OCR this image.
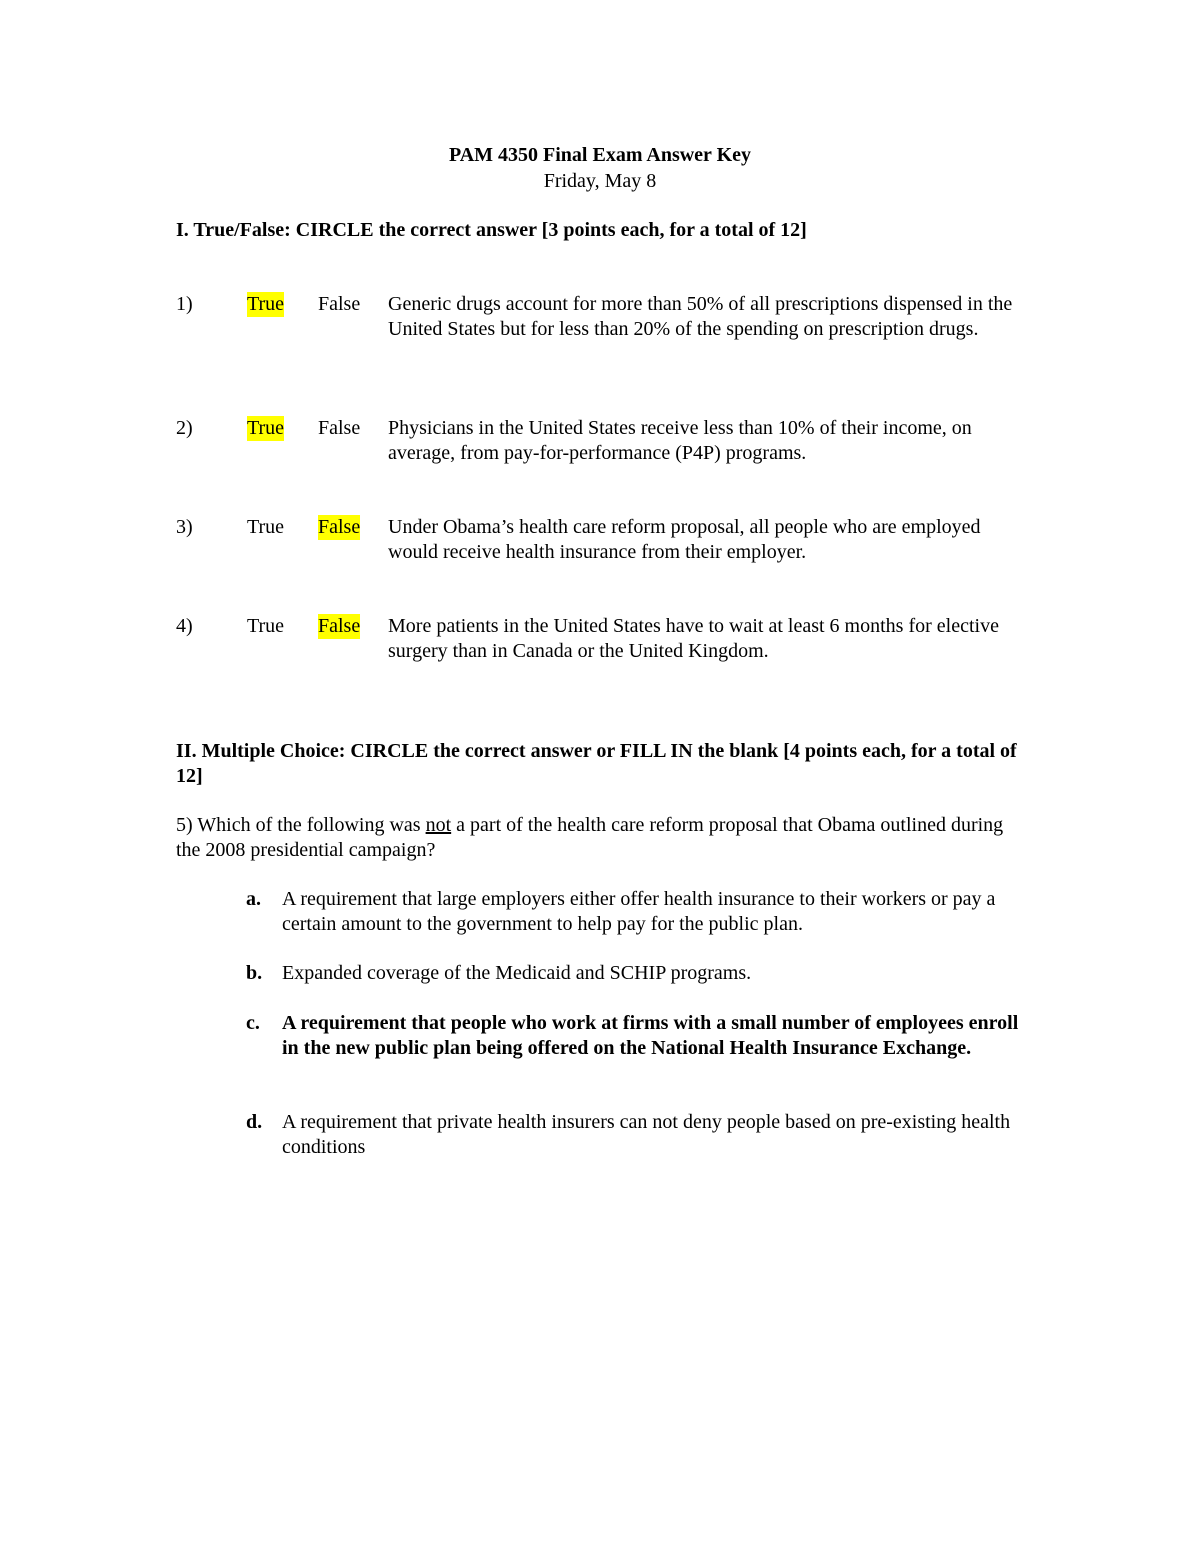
PAM 4350 Final Exam Answer Key
Friday, May 8
I. True/False: CIRCLE the correct answer [3 points each, for a total of 12]
1)	True False Generic drugs account for more than 50% of all prescriptions dispensed in the United States but for less than 20% of the spending on prescription drugs.
2)	True False Physicians in the United States receive less than 10% of their income, on average, from pay-for-performance (P4P) programs.
3)	True False Under Obama’s health care reform proposal, all people who are employed would receive health insurance from their employer.
4)	True False More patients in the United States have to wait at least 6 months for elective surgery than in Canada or the United Kingdom.
II. Multiple Choice: CIRCLE the correct answer or FILL IN the blank [4 points each, for a total of 12]
5) Which of the following was not a part of the health care reform proposal that Obama outlined during the 2008 presidential campaign?
a. A requirement that large employers either offer health insurance to their workers or pay a certain amount to the government to help pay for the public plan.
b. Expanded coverage of the Medicaid and SCHIP programs.
c. A requirement that people who work at firms with a small number of employees enroll in the new public plan being offered on the National Health Insurance Exchange.
d. A requirement that private health insurers can not deny people based on pre-existing health conditions
